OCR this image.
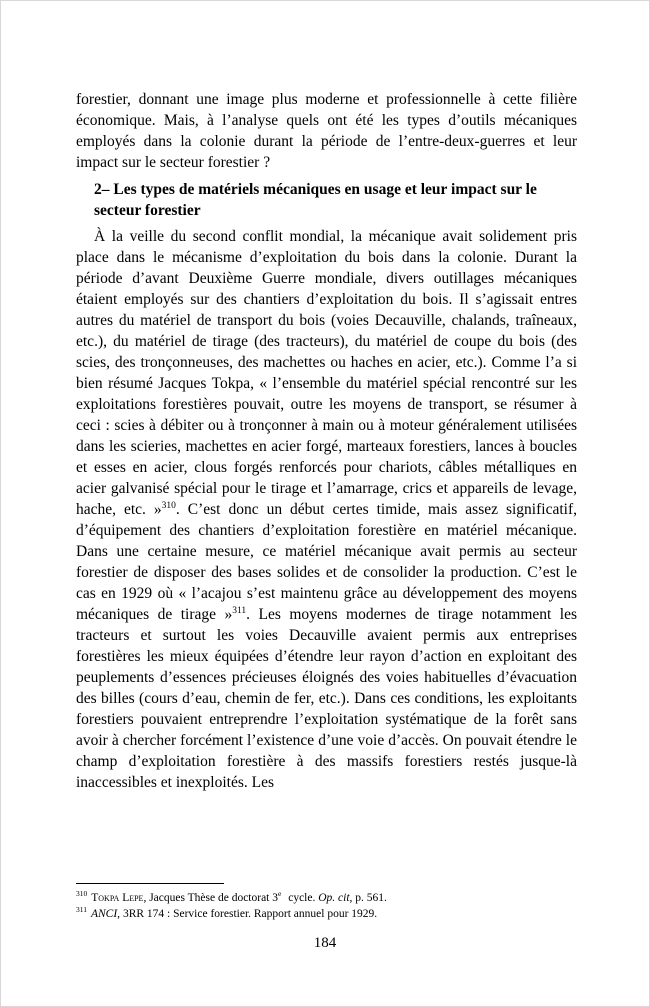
forestier, donnant une image plus moderne et professionnelle à cette filière économique. Mais, à l’analyse quels ont été les types d’outils mécaniques employés dans la colonie durant la période de l’entre-deux-guerres et leur impact sur le secteur forestier ?

2– Les types de matériels mécaniques en usage et leur impact sur le secteur forestier

À la veille du second conflit mondial, la mécanique avait solidement pris place dans le mécanisme d’exploitation du bois dans la colonie. Durant la période d’avant Deuxième Guerre mondiale, divers outillages mécaniques étaient employés sur des chantiers d’exploitation du bois. Il s’agissait entres autres du matériel de transport du bois (voies Decauville, chalands, traîneaux, etc.), du matériel de tirage (des tracteurs), du matériel de coupe du bois (des scies, des tronçonneuses, des machettes ou haches en acier, etc.). Comme l’a si bien résumé Jacques Tokpa, « l’ensemble du matériel spécial rencontré sur les exploitations forestières pouvait, outre les moyens de transport, se résumer à ceci : scies à débiter ou à tronçonner à main ou à moteur généralement utilisées dans les scieries, machettes en acier forgé, marteaux forestiers, lances à boucles et esses en acier, clous forgés renforcés pour chariots, câbles métalliques en acier galvanisé spécial pour le tirage et l’amarrage, crics et appareils de levage, hache, etc. »$^{310}$. C’est donc un début certes timide, mais assez significatif, d’équipement des chantiers d’exploitation forestière en matériel mécanique. Dans une certaine mesure, ce matériel mécanique avait permis au secteur forestier de disposer des bases solides et de consolider la production. C’est le cas en 1929 où « l’acajou s’est maintenu grâce au développement des moyens mécaniques de tirage »$^{311}$. Les moyens modernes de tirage notamment les tracteurs et surtout les voies Decauville avaient permis aux entreprises forestières les mieux équipées d’étendre leur rayon d’action en exploitant des peuplements d’essences précieuses éloignés des voies habituelles d’évacuation des billes (cours d’eau, chemin de fer, etc.). Dans ces conditions, les exploitants forestiers pouvaient entreprendre l’exploitation systématique de la forêt sans avoir à chercher forcément l’existence d’une voie d’accès. On pouvait étendre le champ d’exploitation forestière à des massifs forestiers restés jusque-là inaccessibles et inexploités. Les

$^{310}$ Tokpa Lepe, Jacques Thèse de doctorat 3e cycle. Op. cit, p. 561.

$^{311}$ ANCI, 3RR 174 : Service forestier. Rapport annuel pour 1929.

184
